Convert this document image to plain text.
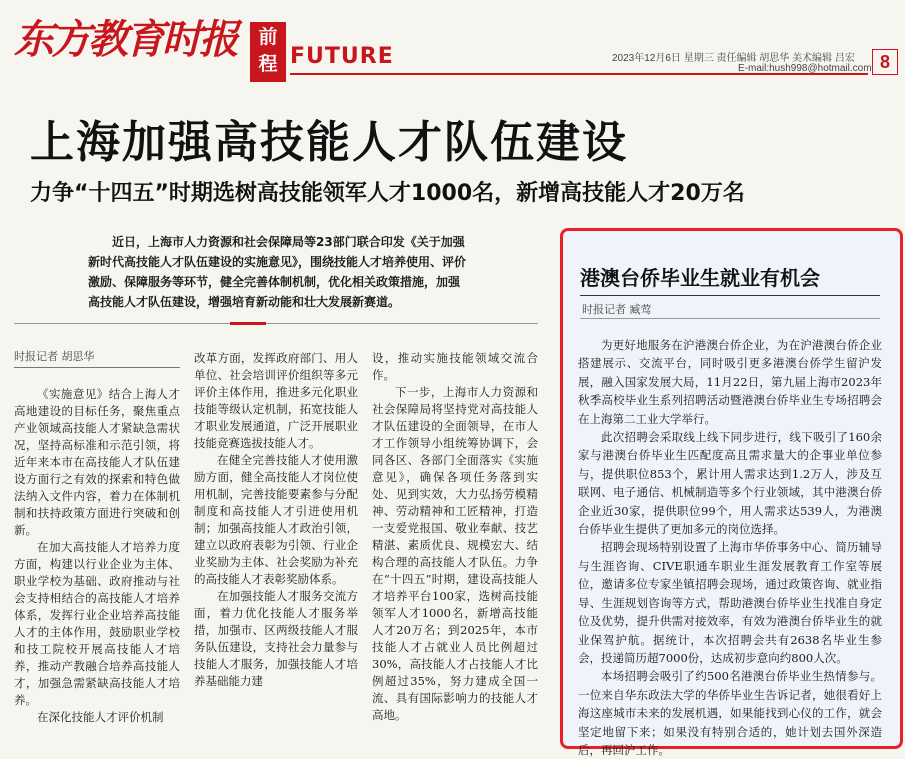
东方教育时报	前程 FUTURE	2023年12月6日 星期三 责任编辑 胡思华 美术编辑 吕宏
E-mail:hush998@hotmail.com 8
上海加强高技能人才队伍建设
力争“十四五”时期选树高技能领军人才1000名，新增高技能人才20万名
近日，上海市人力资源和社会保障局等23部门联合印发《关于加强新时代高技能人才队伍建设的实施意见》，围绕技能人才培养使用、评价激励、保障服务等环节，健全完善体制机制，优化相关政策措施，加强高技能人才队伍建设，增强培育新动能和壮大发展新赛道。

时报记者 胡思华

《实施意见》结合上海人才高地建设的目标任务，聚焦重点产业领域高技能人才紧缺急需状况，坚持高标准和示范引领，将近年来本市在高技能人才队伍建设方面行之有效的探索和特色做法纳入文件内容，着力在体制机制和扶持政策方面进行突破和创新。

在加大高技能人才培养力度方面，构建以行业企业为主体、职业学校为基础、政府推动与社会支持相结合的高技能人才培养体系，发挥行业企业培养高技能人才的主体作用，鼓励职业学校和技工院校开展高技能人才培养，推动产教融合培养高技能人才，加强急需紧缺高技能人才培养。

在深化技能人才评价机制

改革方面，发挥政府部门、用人单位、社会培训评价组织等多元评价主体作用，推进多元化职业技能等级认定机制，拓宽技能人才职业发展通道，广泛开展职业技能竞赛选拔技能人才。

在健全完善技能人才使用激励方面，健全高技能人才岗位使用机制，完善技能要素参与分配制度和高技能人才引进使用机制；加强高技能人才政治引领，建立以政府表彰为引领、行业企业奖励为主体、社会奖励为补充的高技能人才表彰奖励体系。

在加强技能人才服务交流方面，着力优化技能人才服务举措，加强市、区两级技能人才服务队伍建设，支持社会力量参与技能人才服务，加强技能人才培养基础能力建

设，推动实施技能领域交流合作。

下一步，上海市人力资源和社会保障局将坚持党对高技能人才队伍建设的全面领导，在市人才工作领导小组统筹协调下，会同各区、各部门全面落实《实施意见》，确保各项任务落到实处、见到实效，大力弘扬劳模精神、劳动精神和工匠精神，打造一支爱党报国、敬业奉献、技艺精湛、素质优良、规模宏大、结构合理的高技能人才队伍。力争在“十四五”时期，建设高技能人才培养平台100家，选树高技能领军人才1000名，新增高技能人才20万名；到2025年，本市技能人才占就业人员比例超过30%，高技能人才占技能人才比例超过35%，努力建成全国一流、具有国际影响力的技能人才高地。

港澳台侨毕业生就业有机会
时报记者 臧莺

为更好地服务在沪港澳台侨企业，为在沪港澳台侨企业搭建展示、交流平台，同时吸引更多港澳台侨学生留沪发展，融入国家发展大局，11月22日，第九届上海市2023年秋季高校毕业生系列招聘活动暨港澳台侨毕业生专场招聘会在上海第二工业大学举行。

此次招聘会采取线上线下同步进行，线下吸引了160余家与港澳台侨毕业生匹配度高且需求量大的企事业单位参与，提供职位853个，累计用人需求达到1.2万人，涉及互联网、电子通信、机械制造等多个行业领域，其中港澳台侨企业近30家，提供职位99个，用人需求达539人，为港澳台侨毕业生提供了更加多元的岗位选择。

招聘会现场特别设置了上海市华侨事务中心、简历辅导与生涯咨询、CIVE职通车职业生涯发展教育工作室等展位，邀请多位专家坐镇招聘会现场，通过政策咨询、就业指导、生涯规划咨询等方式，帮助港澳台侨毕业生找准自身定位及优势，提升供需对接效率，有效为港澳台侨毕业生的就业保驾护航。据统计，本次招聘会共有2638名毕业生参会，投递简历超7000份，达成初步意向约800人次。

本场招聘会吸引了约500名港澳台侨毕业生热情参与。一位来自华东政法大学的华侨毕业生告诉记者，她很看好上海这座城市未来的发展机遇，如果能找到心仪的工作，就会坚定地留下来；如果没有特别合适的，她计划去国外深造后，再回沪工作。
